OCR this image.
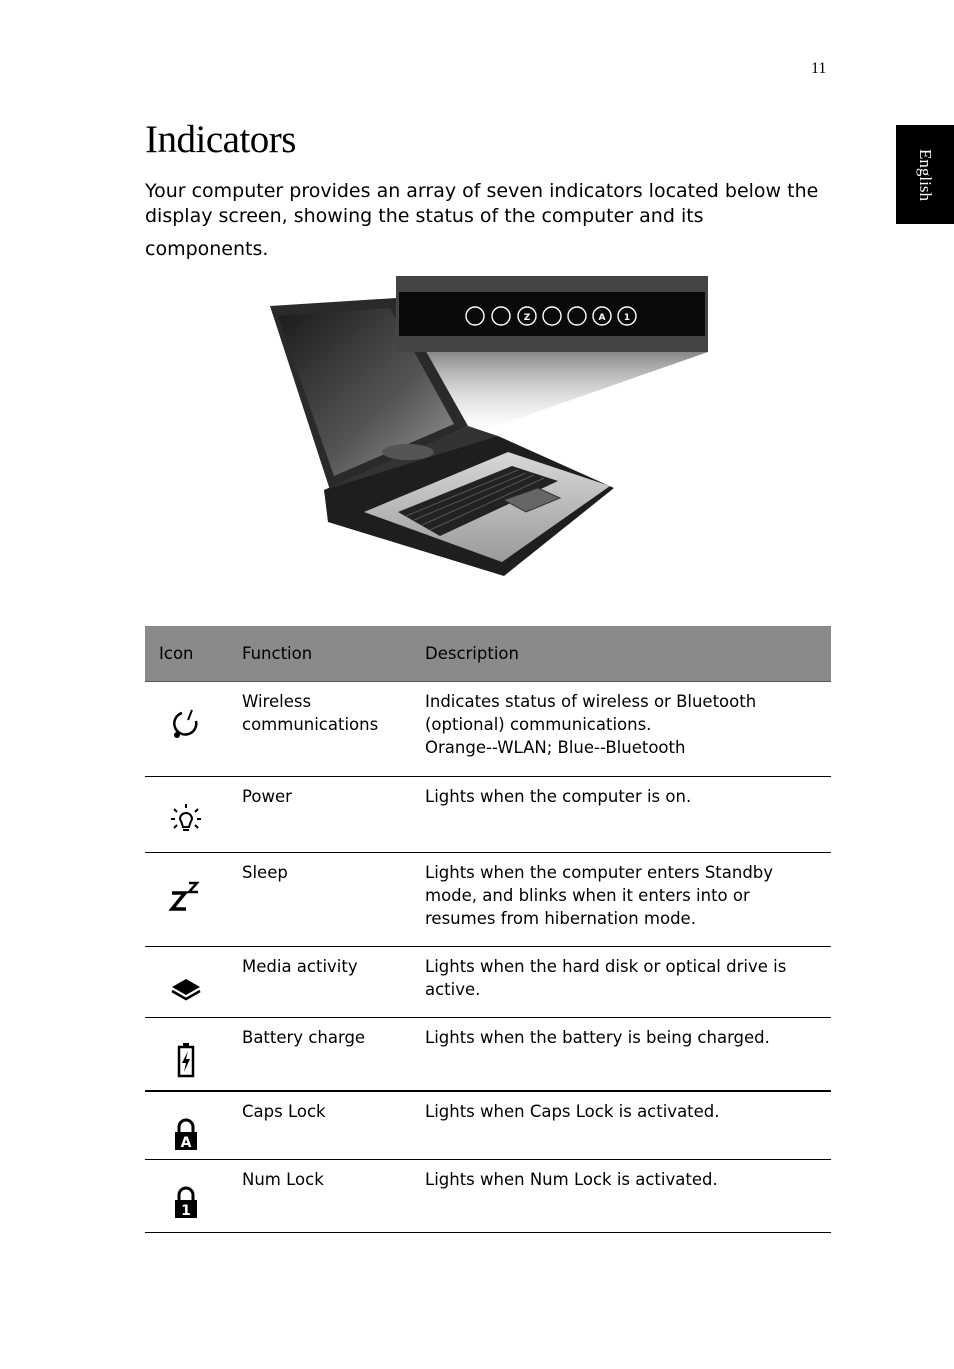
11
English
Indicators

Your computer provides an array of seven indicators located below the
display screen, showing the status of the computer and its
components.

Z	A 1
Icon	Function	Description

	Wireless
communications	Indicates status of wireless or Bluetooth
(optional) communications.
Orange--WLAN; Blue--Bluetooth

	Power	Lights when the computer is on.

	Sleep	Lights when the computer enters Standby
mode, and blinks when it enters into or
resumes from hibernation mode.

	Media activity	Lights when the hard disk or optical drive is
active.

	Battery charge	Lights when the battery is being charged.

A	Caps Lock	Lights when Caps Lock is activated.

1	Num Lock	Lights when Num Lock is activated.
